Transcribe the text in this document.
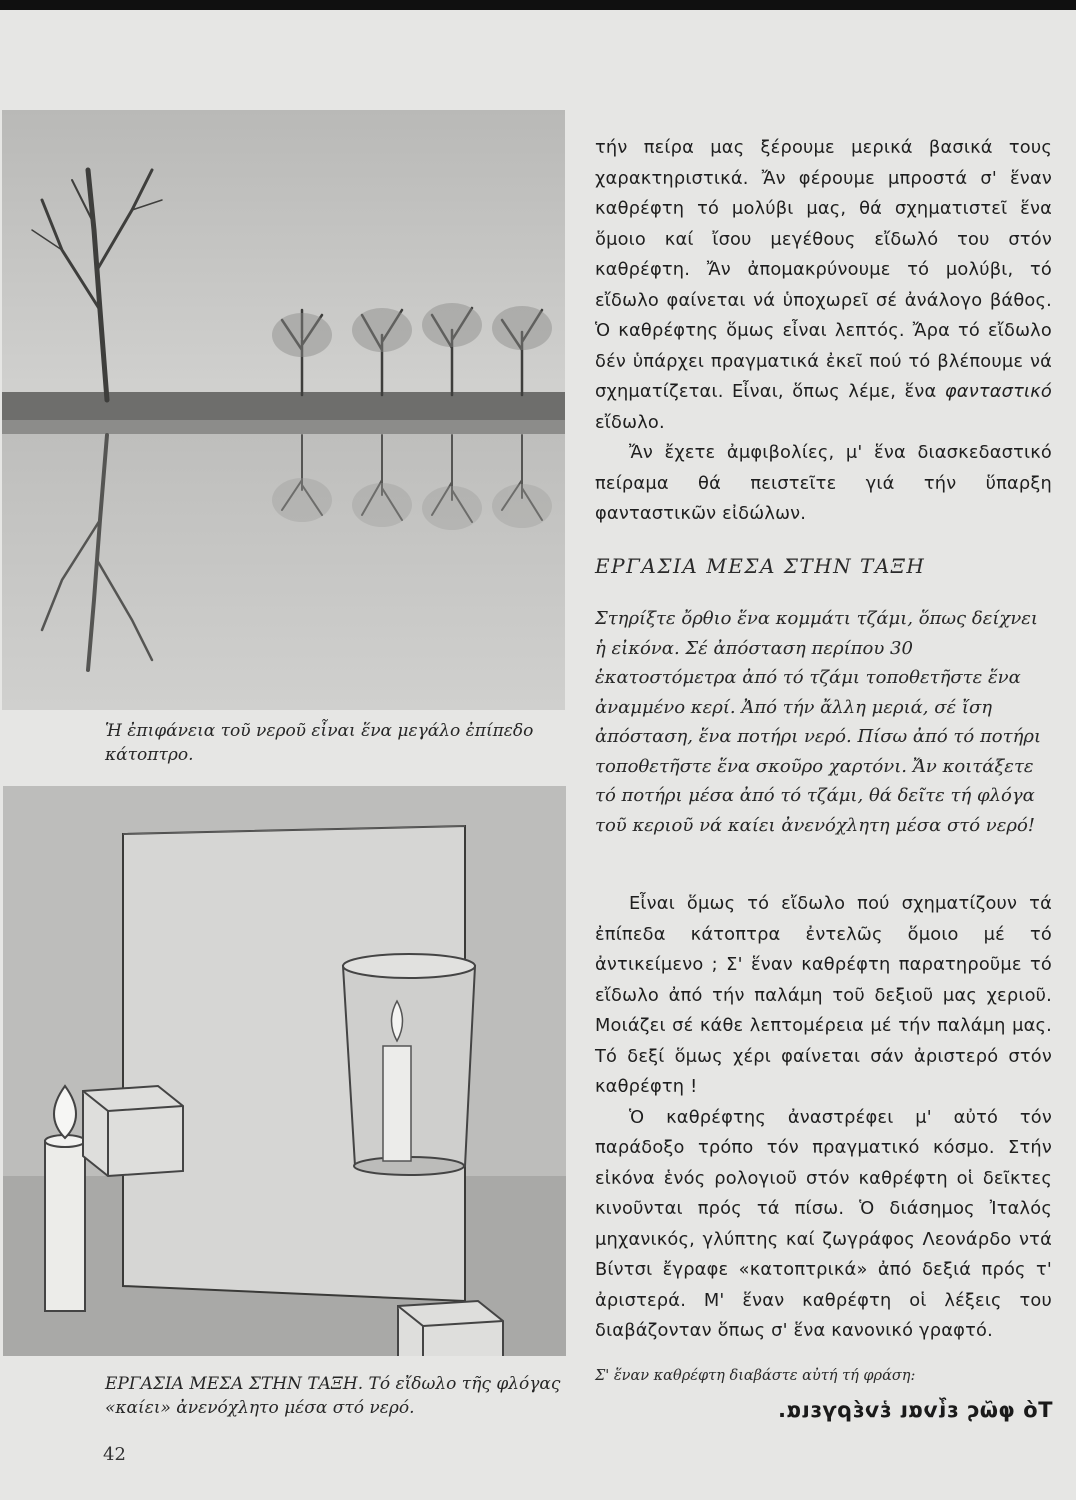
Ἡ ἐπιφάνεια τοῦ νεροῦ εἶναι ἕνα μεγάλο ἐπίπεδο κάτοπτρο.
ΕΡΓΑΣΙΑ ΜΕΣΑ ΣΤΗΝ ΤΑΞΗ. Τό εἴδωλο τῆς φλόγας «καίει» ἀνενόχλητο μέσα στό νερό.

τήν πείρα μας ξέρουμε μερικά βασικά τους χαρακτηριστικά. Ἄν φέρουμε μπροστά σ' ἕναν καθρέφτη τό μολύβι μας, θά σχηματιστεῖ ἕνα ὅμοιο καί ἴσου μεγέθους εἴδωλό του στόν καθρέφτη. Ἄν ἀπομακρύνουμε τό μολύβι, τό εἴδωλο φαίνεται νά ὑποχωρεῖ σέ ἀνάλογο βάθος. Ὁ καθρέφτης ὅμως εἶναι λεπτός. Ἄρα τό εἴδωλο δέν ὑπάρχει πραγματικά ἐκεῖ πού τό βλέπουμε νά σχηματίζεται. Εἶναι, ὅπως λέμε, ἕνα φανταστικό εἴδωλο.

Ἄν ἔχετε ἀμφιβολίες, μ' ἕνα διασκεδαστικό πείραμα θά πειστεῖτε γιά τήν ὕπαρξη φανταστικῶν εἰδώλων.

ΕΡΓΑΣΙΑ ΜΕΣΑ ΣΤΗΝ ΤΑΞΗ
Στηρίξτε ὄρθιο ἕνα κομμάτι τζάμι, ὅπως δείχνει ἡ εἰκόνα. Σέ ἀπόσταση περίπου 30 ἑκατοστόμετρα ἀπό τό τζάμι τοποθετῆστε ἕνα ἀναμμένο κερί. Ἀπό τήν ἄλλη μεριά, σέ ἴση ἀπόσταση, ἕνα ποτήρι νερό. Πίσω ἀπό τό ποτήρι τοποθετῆστε ἕνα σκοῦρο χαρτόνι. Ἄν κοιτάξετε τό ποτήρι μέσα ἀπό τό τζάμι, θά δεῖτε τή φλόγα τοῦ κεριοῦ νά καίει ἀνενόχλητη μέσα στό νερό!

Εἶναι ὅμως τό εἴδωλο πού σχηματίζουν τά ἐπίπεδα κάτοπτρα ἐντελῶς ὅμοιο μέ τό ἀντικείμενο ; Σ' ἕναν καθρέφτη παρατηροῦμε τό εἴδωλο ἀπό τήν παλάμη τοῦ δεξιοῦ μας χεριοῦ. Μοιάζει σέ κάθε λεπτομέρεια μέ τήν παλάμη μας. Τό δεξί ὅμως χέρι φαίνεται σάν ἀριστερό στόν καθρέφτη !

Ὁ καθρέφτης ἀναστρέφει μ' αὐτό τόν παράδοξο τρόπο τόν πραγματικό κόσμο. Στήν εἰκόνα ἑνός ρολογιοῦ στόν καθρέφτη οἱ δεῖκτες κινοῦνται πρός τά πίσω. Ὁ διάσημος Ἰταλός μηχανικός, γλύπτης καί ζωγράφος Λεονάρδο ντά Βίντσι ἔγραφε «κατοπτρικά» ἀπό δεξιά πρός τ' ἀριστερά. Μ' ἕναν καθρέφτη οἱ λέξεις του διαβάζονταν ὅπως σ' ἕνα κανονικό γραφτό.

Σ' ἕναν καθρέφτη διαβάστε αὐτή τή φράση:
Τό φῶς εἶναι ἐνέργεια.
42
